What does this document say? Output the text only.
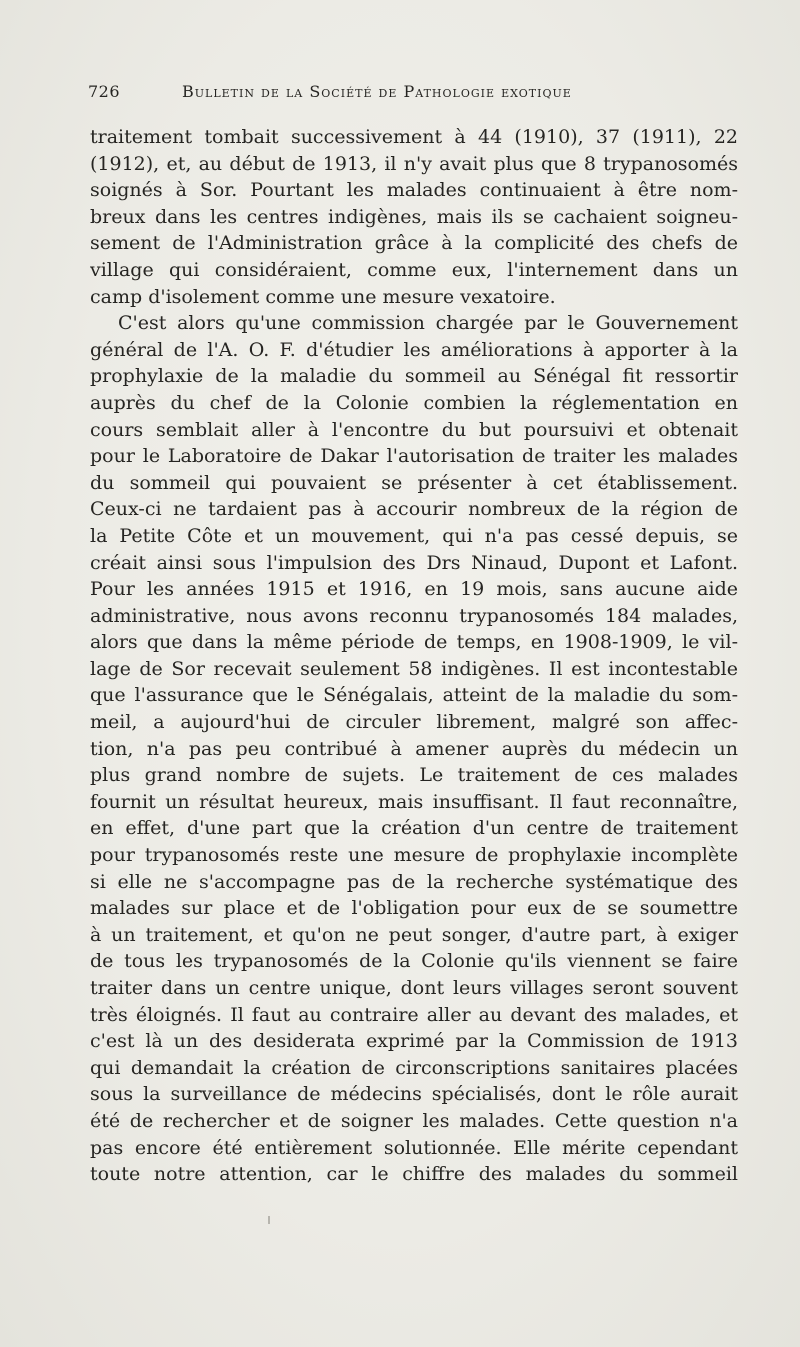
726	Bulletin de la Société de Pathologie exotique
traitement tombait successivement à 44 (1910), 37 (1911), 22
(1912), et, au début de 1913, il n'y avait plus que 8 trypanosomés
soignés à Sor. Pourtant les malades continuaient à être nom-
breux dans les centres indigènes, mais ils se cachaient soigneu-
sement de l'Administration grâce à la complicité des chefs de
village qui considéraient, comme eux, l'internement dans un
camp d'isolement comme une mesure vexatoire.
C'est alors qu'une commission chargée par le Gouvernement
général de l'A. O. F. d'étudier les améliorations à apporter à la
prophylaxie de la maladie du sommeil au Sénégal fit ressortir
auprès du chef de la Colonie combien la réglementation en
cours semblait aller à l'encontre du but poursuivi et obtenait
pour le Laboratoire de Dakar l'autorisation de traiter les malades
du sommeil qui pouvaient se présenter à cet établissement.
Ceux-ci ne tardaient pas à accourir nombreux de la région de
la Petite Côte et un mouvement, qui n'a pas cessé depuis, se
créait ainsi sous l'impulsion des Drs Ninaud, Dupont et Lafont.
Pour les années 1915 et 1916, en 19 mois, sans aucune aide
administrative, nous avons reconnu trypanosomés 184 malades,
alors que dans la même période de temps, en 1908-1909, le vil-
lage de Sor recevait seulement 58 indigènes. Il est incontestable
que l'assurance que le Sénégalais, atteint de la maladie du som-
meil, a aujourd'hui de circuler librement, malgré son affec-
tion, n'a pas peu contribué à amener auprès du médecin un
plus grand nombre de sujets. Le traitement de ces malades
fournit un résultat heureux, mais insuffisant. Il faut reconnaître,
en effet, d'une part que la création d'un centre de traitement
pour trypanosomés reste une mesure de prophylaxie incomplète
si elle ne s'accompagne pas de la recherche systématique des
malades sur place et de l'obligation pour eux de se soumettre
à un traitement, et qu'on ne peut songer, d'autre part, à exiger
de tous les trypanosomés de la Colonie qu'ils viennent se faire
traiter dans un centre unique, dont leurs villages seront souvent
très éloignés. Il faut au contraire aller au devant des malades, et
c'est là un des desiderata exprimé par la Commission de 1913
qui demandait la création de circonscriptions sanitaires placées
sous la surveillance de médecins spécialisés, dont le rôle aurait
été de rechercher et de soigner les malades. Cette question n'a
pas encore été entièrement solutionnée. Elle mérite cependant
toute notre attention, car le chiffre des malades du sommeil
